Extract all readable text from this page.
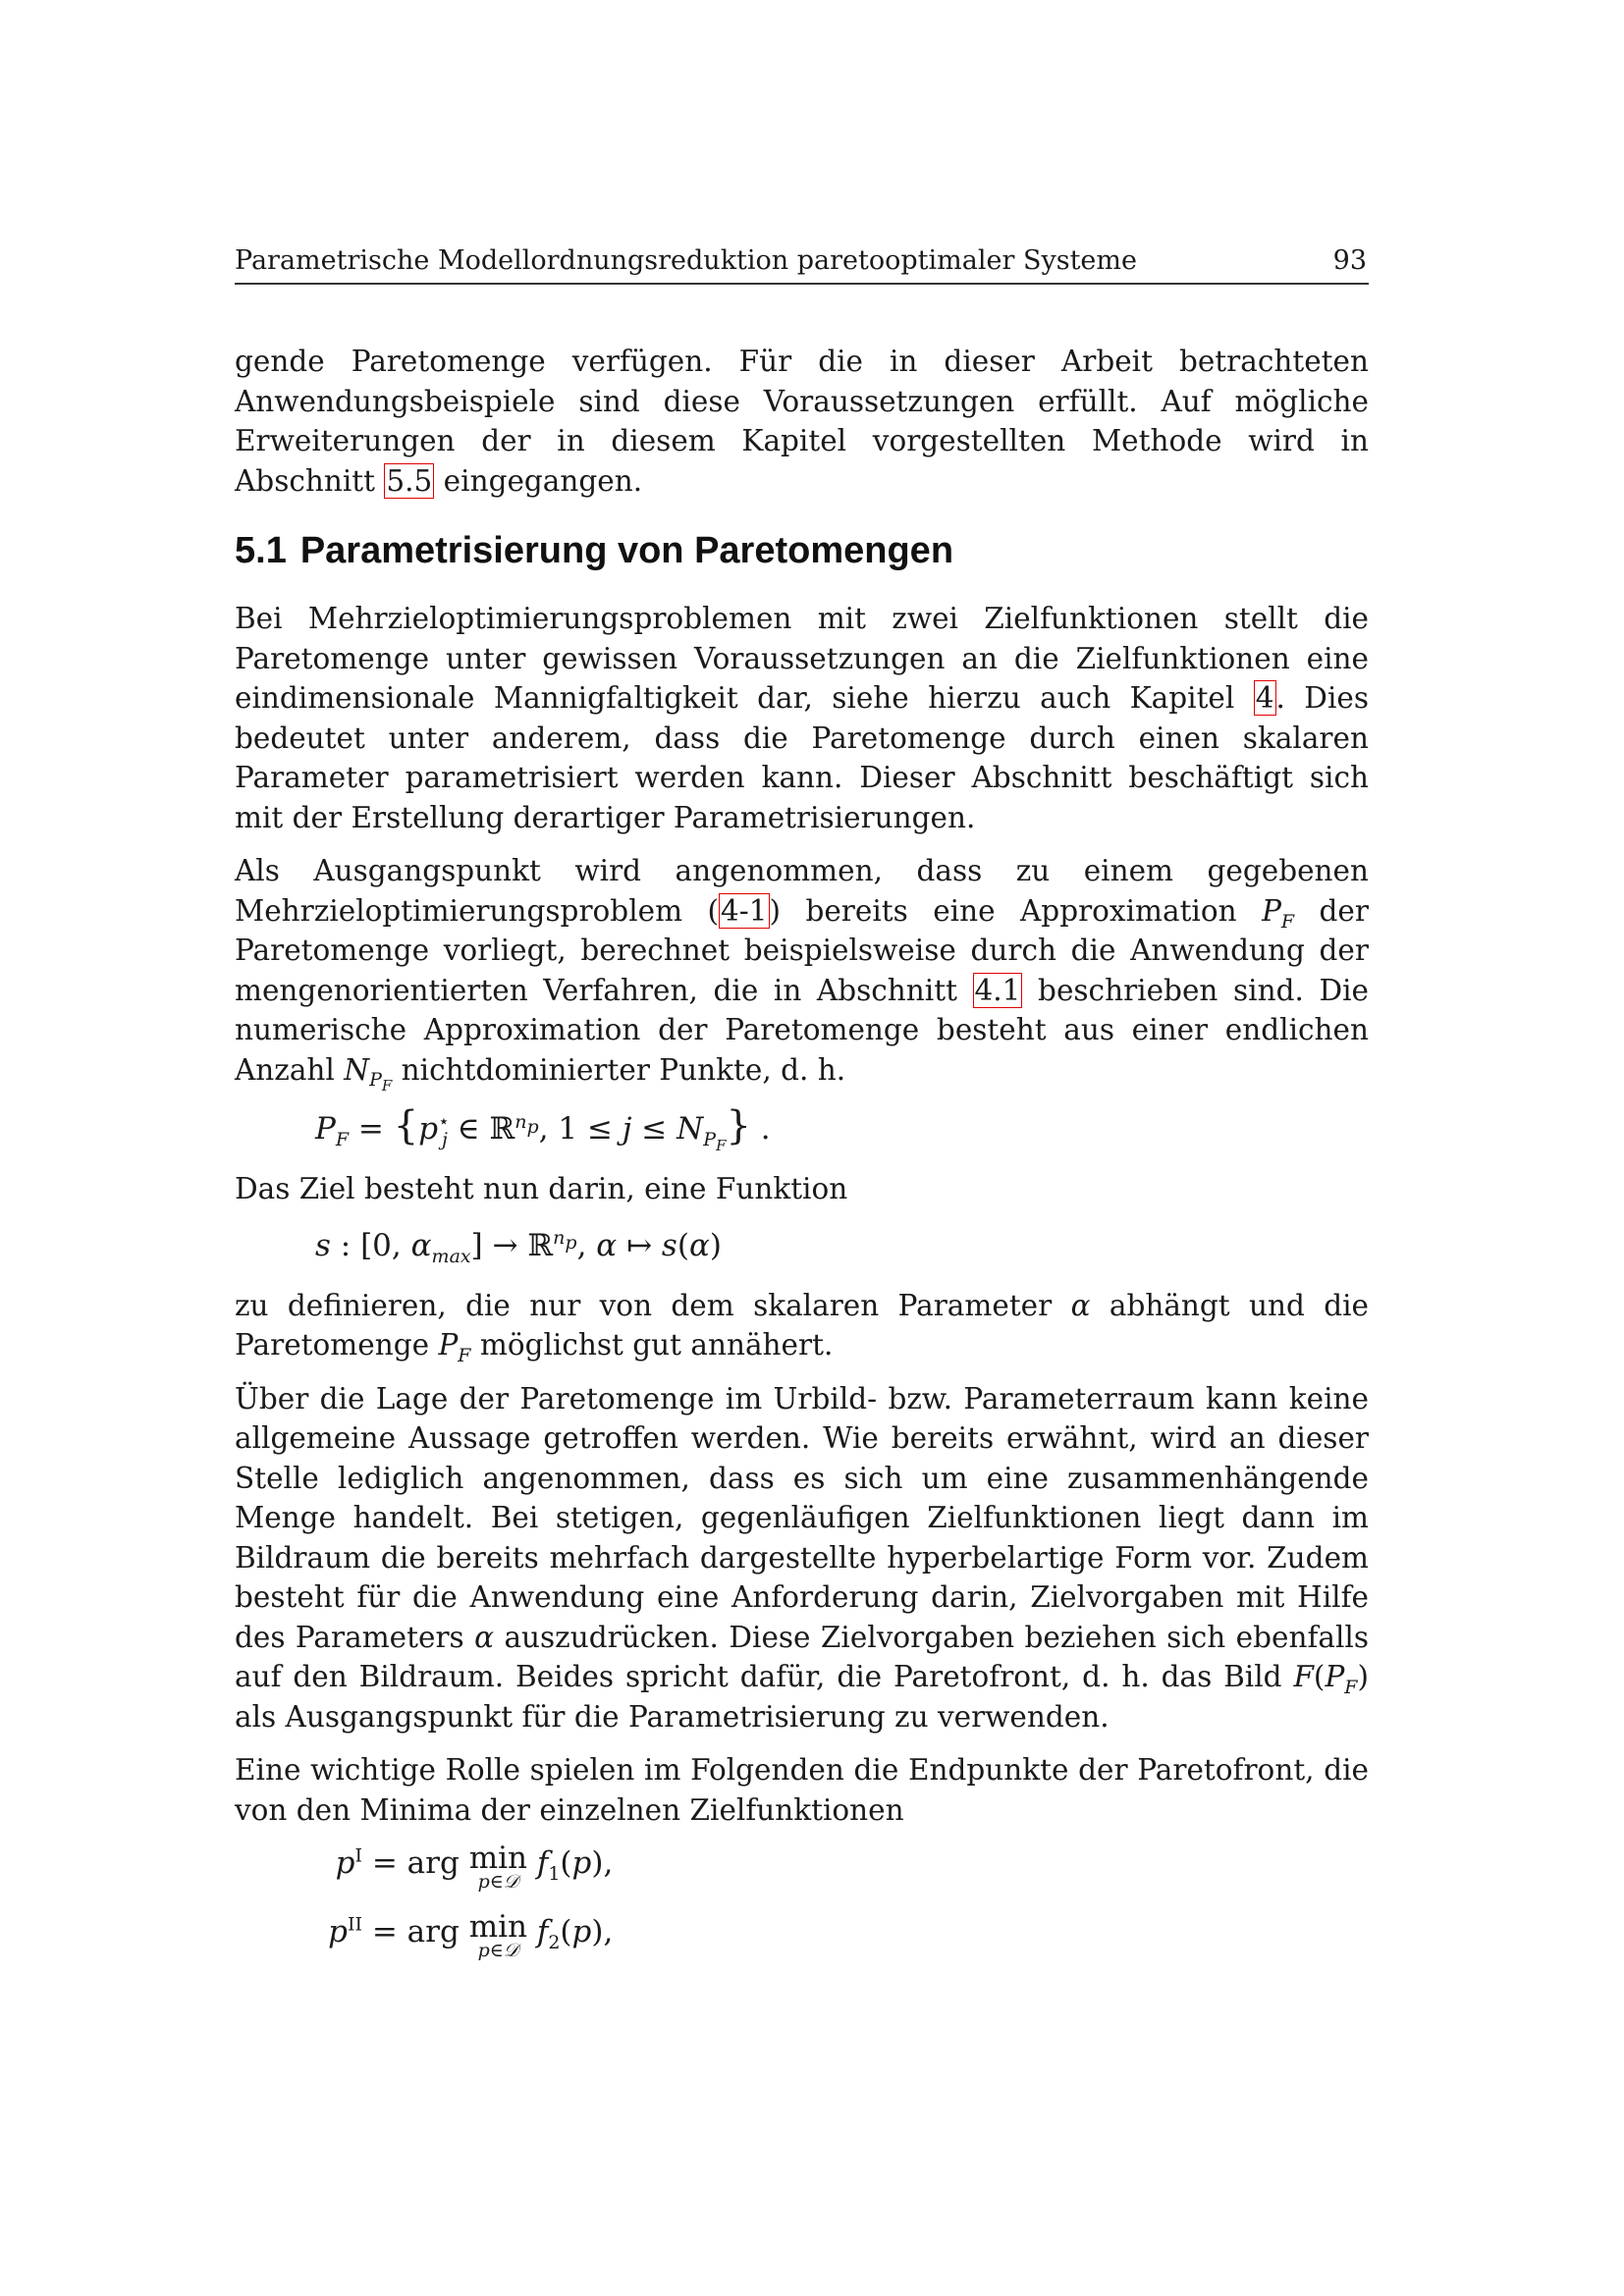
Parametrische Modellordnungsreduktion paretooptimaler Systeme	93

gende Paretomenge verfügen. Für die in dieser Arbeit betrachteten Anwendungsbeispiele sind diese Voraussetzungen erfüllt. Auf mögliche Erweiterungen der in diesem Kapitel vorgestellten Methode wird in Abschnitt 5.5 eingegangen.

5.1 Parametrisierung von Paretomengen

Bei Mehrzieloptimierungsproblemen mit zwei Zielfunktionen stellt die Paretomenge unter gewissen Voraussetzungen an die Zielfunktionen eine eindimensionale Mannigfaltigkeit dar, siehe hierzu auch Kapitel 4. Dies bedeutet unter anderem, dass die Paretomenge durch einen skalaren Parameter parametrisiert werden kann. Dieser Abschnitt beschäftigt sich mit der Erstellung derartiger Parametrisierungen.

Als Ausgangspunkt wird angenommen, dass zu einem gegebenen Mehrzieloptimierungsproblem (4-1) bereits eine Approximation $P_F$ der Paretomenge vorliegt, berechnet beispielsweise durch die Anwendung der mengenorientierten Verfahren, die in Abschnitt 4.1 beschrieben sind. Die numerische Approximation der Paretomenge besteht aus einer endlichen Anzahl $N_{P_F}$ nichtdominierter Punkte, d. h.

$P_F = \{p^⋆_j$ ∈ ℝ$^{n_p}$, $1 \le j \le N_{P_F}$} .

Das Ziel besteht nun darin, eine Funktion

s : [0, $\alpha_{max}$] → ℝ$^{n_p}$, α ↦ s(α)

zu definieren, die nur von dem skalaren Parameter α abhängt und die Paretomenge $P_F$ möglichst gut annähert.

Über die Lage der Paretomenge im Urbild- bzw. Parameterraum kann keine allgemeine Aussage getroffen werden. Wie bereits erwähnt, wird an dieser Stelle lediglich angenommen, dass es sich um eine zusammenhängende Menge handelt. Bei stetigen, gegenläufigen Zielfunktionen liegt dann im Bildraum die bereits mehrfach dargestellte hyperbelartige Form vor. Zudem besteht für die Anwendung eine Anforderung darin, Zielvorgaben mit Hilfe des Parameters α auszudrücken. Diese Zielvorgaben beziehen sich ebenfalls auf den Bildraum. Beides spricht dafür, die Paretofront, d. h. das Bild $F(P_F)$ als Ausgangspunkt für die Parametrisierung zu verwenden.

Eine wichtige Rolle spielen im Folgenden die Endpunkte der Paretofront, die von den Minima der einzelnen Zielfunktionen

$p^I$ = arg min
p∈𝒟
$f_1(p)$,
$p^{II}$ = arg min
p∈𝒟
$f_2(p)$,
